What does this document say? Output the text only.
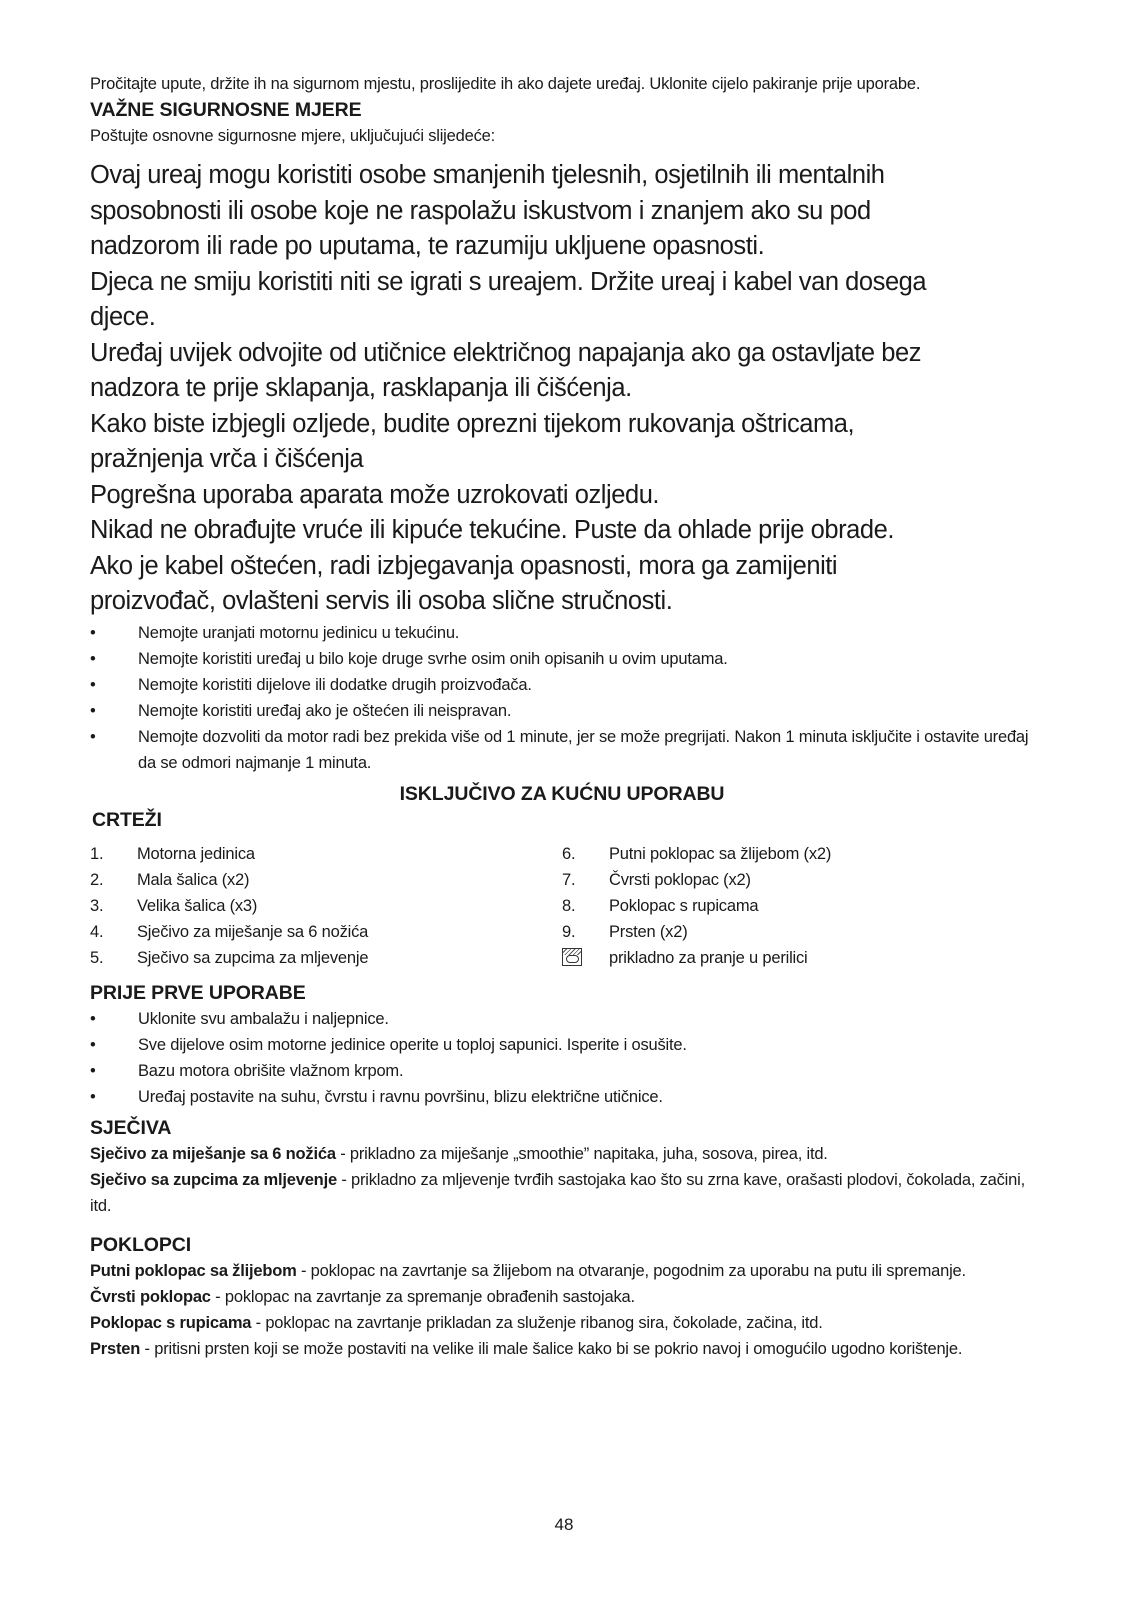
Pročitajte upute, držite ih na sigurnom mjestu, proslijedite ih ako dajete uređaj. Uklonite cijelo pakiranje prije uporabe.
VAŽNE SIGURNOSNE MJERE
Poštujte osnovne sigurnosne mjere, uključujući slijedeće:
Ovaj ureaj mogu koristiti osobe smanjenih tjelesnih, osjetilnih ili mentalnih
sposobnosti ili osobe koje ne raspolažu iskustvom i znanjem ako su pod
nadzorom ili rade po uputama, te razumiju ukljuene opasnosti.
Djeca ne smiju koristiti niti se igrati s ureajem. Držite ureaj i kabel van dosega
djece.
Uređaj uvijek odvojite od utičnice električnog napajanja ako ga ostavljate bez
nadzora te prije sklapanja, rasklapanja ili čišćenja.
Kako biste izbjegli ozljede, budite oprezni tijekom rukovanja oštricama,
pražnjenja vrča i čišćenja
Pogrešna uporaba aparata može uzrokovati ozljedu.
Nikad ne obrađujte vruće ili kipuće tekućine. Puste da ohlade prije obrade.
Ako je kabel oštećen, radi izbjegavanja opasnosti, mora ga zamijeniti
proizvođač, ovlašteni servis ili osoba slične stručnosti.
• Nemojte uranjati motornu jedinicu u tekućinu.
• Nemojte koristiti uređaj u bilo koje druge svrhe osim onih opisanih u ovim uputama.
• Nemojte koristiti dijelove ili dodatke drugih proizvođača.
• Nemojte koristiti uređaj ako je oštećen ili neispravan.
• Nemojte dozvoliti da motor radi bez prekida više od 1 minute, jer se može pregrijati. Nakon 1 minuta isključite i ostavite uređaj da se odmori najmanje 1 minuta.
ISKLJUČIVO ZA KUĆNU UPORABU
CRTEŽI
1.	Motorna jedinica
2.	Mala šalica (x2)
3.	Velika šalica (x3)
4.	Sječivo za miješanje sa 6 nožića
5.	Sječivo sa zupcima za mljevenje
6.	Putni poklopac sa žlijebom (x2)
7.	Čvrsti poklopac (x2)
8.	Poklopac s rupicama
9.	Prsten (x2)
prikladno za pranje u perilici
PRIJE PRVE UPORABE
• Uklonite svu ambalažu i naljepnice.
• Sve dijelove osim motorne jedinice operite u toploj sapunici. Isperite i osušite.
• Bazu motora obrišite vlažnom krpom.
• Uređaj postavite na suhu, čvrstu i ravnu površinu, blizu električne utičnice.
SJEČIVA
Sječivo za miješanje sa 6 nožića - prikladno za miješanje „smoothie” napitaka, juha, sosova, pirea, itd.
Sječivo sa zupcima za mljevenje - prikladno za mljevenje tvrđih sastojaka kao što su zrna kave, orašasti plodovi, čokolada, začini, itd.
POKLOPCI
Putni poklopac sa žlijebom - poklopac na zavrtanje sa žlijebom na otvaranje, pogodnim za uporabu na putu ili spremanje.
Čvrsti poklopac - poklopac na zavrtanje za spremanje obrađenih sastojaka.
Poklopac s rupicama - poklopac na zavrtanje prikladan za služenje ribanog sira, čokolade, začina, itd.
Prsten - pritisni prsten koji se može postaviti na velike ili male šalice kako bi se pokrio navoj i omogućilo ugodno korištenje.
48
